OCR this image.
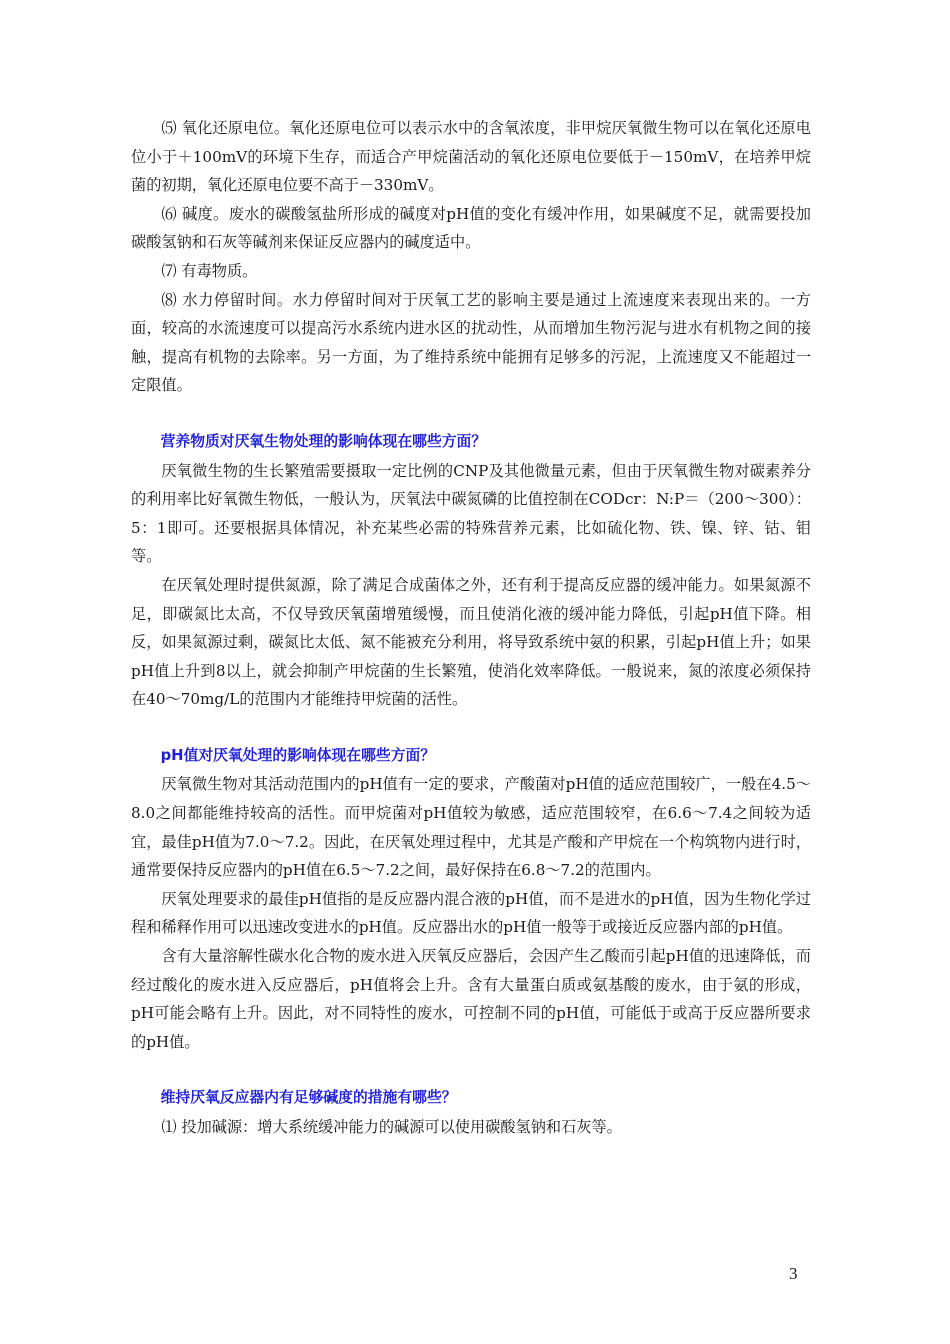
⑸ 氧化还原电位。氧化还原电位可以表示水中的含氧浓度，非甲烷厌氧微生物可以在氧化还原电位小于＋100mV的环境下生存，而适合产甲烷菌活动的氧化还原电位要低于－150mV，在培养甲烷菌的初期，氧化还原电位要不高于－330mV。

⑹ 碱度。废水的碳酸氢盐所形成的碱度对pH值的变化有缓冲作用，如果碱度不足，就需要投加碳酸氢钠和石灰等碱剂来保证反应器内的碱度适中。

⑺ 有毒物质。

⑻ 水力停留时间。水力停留时间对于厌氧工艺的影响主要是通过上流速度来表现出来的。一方面，较高的水流速度可以提高污水系统内进水区的扰动性，从而增加生物污泥与进水有机物之间的接触，提高有机物的去除率。另一方面，为了维持系统中能拥有足够多的污泥，上流速度又不能超过一定限值。

营养物质对厌氧生物处理的影响体现在哪些方面？

厌氧微生物的生长繁殖需要摄取一定比例的CNP及其他微量元素，但由于厌氧微生物对碳素养分的利用率比好氧微生物低，一般认为，厌氧法中碳氮磷的比值控制在CODcr：N:P＝（200～300）：5：1即可。还要根据具体情况，补充某些必需的特殊营养元素，比如硫化物、铁、镍、锌、钴、钼等。

在厌氧处理时提供氮源，除了满足合成菌体之外，还有利于提高反应器的缓冲能力。如果氮源不足，即碳氮比太高，不仅导致厌氧菌增殖缓慢，而且使消化液的缓冲能力降低，引起pH值下降。相反，如果氮源过剩，碳氮比太低、氮不能被充分利用，将导致系统中氨的积累，引起pH值上升；如果pH值上升到8以上，就会抑制产甲烷菌的生长繁殖，使消化效率降低。一般说来，氮的浓度必须保持在40～70mg/L的范围内才能维持甲烷菌的活性。

pH值对厌氧处理的影响体现在哪些方面？

厌氧微生物对其活动范围内的pH值有一定的要求，产酸菌对pH值的适应范围较广，一般在4.5～8.0之间都能维持较高的活性。而甲烷菌对pH值较为敏感，适应范围较窄，在6.6～7.4之间较为适宜，最佳pH值为7.0～7.2。因此，在厌氧处理过程中，尤其是产酸和产甲烷在一个构筑物内进行时，通常要保持反应器内的pH值在6.5～7.2之间，最好保持在6.8～7.2的范围内。

厌氧处理要求的最佳pH值指的是反应器内混合液的pH值，而不是进水的pH值，因为生物化学过程和稀释作用可以迅速改变进水的pH值。反应器出水的pH值一般等于或接近反应器内部的pH值。

含有大量溶解性碳水化合物的废水进入厌氧反应器后，会因产生乙酸而引起pH值的迅速降低，而经过酸化的废水进入反应器后，pH值将会上升。含有大量蛋白质或氨基酸的废水，由于氨的形成，pH可能会略有上升。因此，对不同特性的废水，可控制不同的pH值，可能低于或高于反应器所要求的pH值。

维持厌氧反应器内有足够碱度的措施有哪些？

⑴ 投加碱源：增大系统缓冲能力的碱源可以使用碳酸氢钠和石灰等。

3
